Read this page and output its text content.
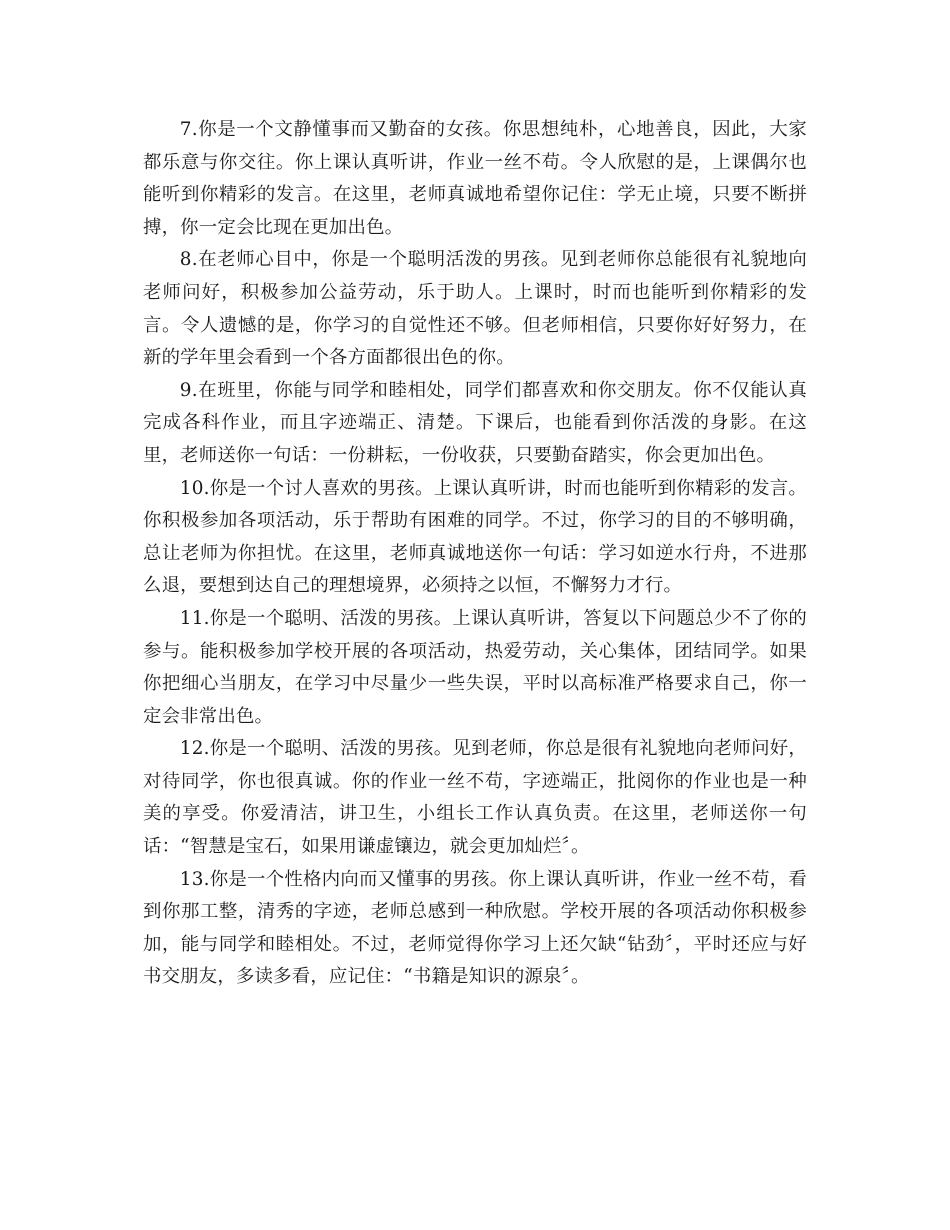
7.你是一个文静懂事而又勤奋的女孩。你思想纯朴，心地善良，因此，大家都乐意与你交往。你上课认真听讲，作业一丝不苟。令人欣慰的是，上课偶尔也能听到你精彩的发言。在这里，老师真诚地希望你记住：学无止境，只要不断拼搏，你一定会比现在更加出色。

8.在老师心目中，你是一个聪明活泼的男孩。见到老师你总能很有礼貌地向老师问好，积极参加公益劳动，乐于助人。上课时，时而也能听到你精彩的发言。令人遗憾的是，你学习的自觉性还不够。但老师相信，只要你好好努力，在新的学年里会看到一个各方面都很出色的你。

9.在班里，你能与同学和睦相处，同学们都喜欢和你交朋友。你不仅能认真完成各科作业，而且字迹端正、清楚。下课后，也能看到你活泼的身影。在这里，老师送你一句话：一份耕耘，一份收获，只要勤奋踏实，你会更加出色。

10.你是一个讨人喜欢的男孩。上课认真听讲，时而也能听到你精彩的发言。你积极参加各项活动，乐于帮助有困难的同学。不过，你学习的目的不够明确，总让老师为你担忧。在这里，老师真诚地送你一句话：学习如逆水行舟，不进那么退，要想到达自己的理想境界，必须持之以恒，不懈努力才行。

11.你是一个聪明、活泼的男孩。上课认真听讲，答复以下问题总少不了你的参与。能积极参加学校开展的各项活动，热爱劳动，关心集体，团结同学。如果你把细心当朋友，在学习中尽量少一些失误，平时以高标准严格要求自己，你一定会非常出色。

12.你是一个聪明、活泼的男孩。见到老师，你总是很有礼貌地向老师问好，对待同学，你也很真诚。你的作业一丝不苟，字迹端正，批阅你的作业也是一种美的享受。你爱清洁，讲卫生，小组长工作认真负责。在这里，老师送你一句话：“智慧是宝石，如果用谦虚镶边，就会更加灿烂〞。

13.你是一个性格内向而又懂事的男孩。你上课认真听讲，作业一丝不苟，看到你那工整，清秀的字迹，老师总感到一种欣慰。学校开展的各项活动你积极参加，能与同学和睦相处。不过，老师觉得你学习上还欠缺“钻劲〞，平时还应与好书交朋友，多读多看，应记住：“书籍是知识的源泉〞。
